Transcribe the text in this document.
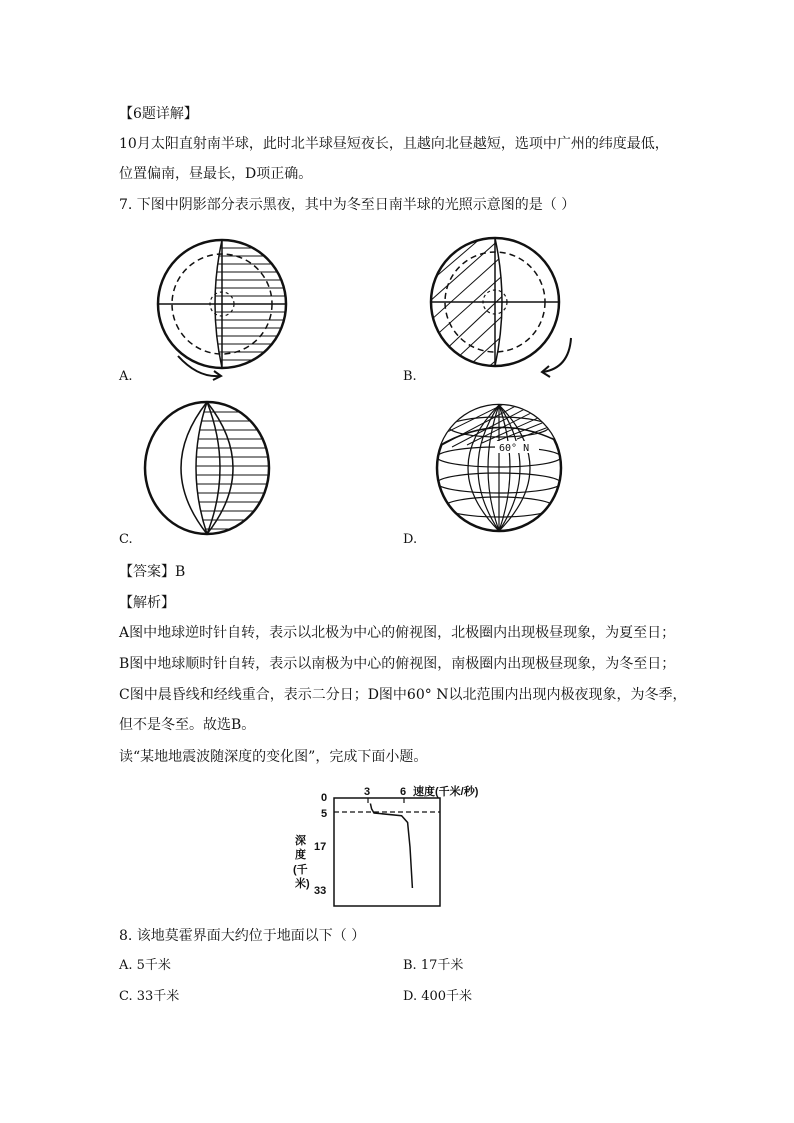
【6题详解】
10月太阳直射南半球，此时北半球昼短夜长，且越向北昼越短，选项中广州的纬度最低，
位置偏南，昼最长，D项正确。
7. 下图中阴影部分表示黑夜，其中为冬至日南半球的光照示意图的是（ ）
A.	B.
C.
60° N
D.
【答案】B
【解析】
A图中地球逆时针自转，表示以北极为中心的俯视图，北极圈内出现极昼现象，为夏至日；
B图中地球顺时针自转，表示以南极为中心的俯视图，南极圈内出现极昼现象，为冬至日；
C图中晨昏线和经线重合，表示二分日；D图中60° N以北范围内出现内极夜现象，为冬季，
但不是冬至。故选B。
读“某地地震波随深度的变化图”，完成下面小题。
3	6 速度(千米/秒)
0
5
17
33
深
度
(千
米)
8. 该地莫霍界面大约位于地面以下（ ）
A. 5千米	B. 17千米
C. 33千米	D. 400千米
